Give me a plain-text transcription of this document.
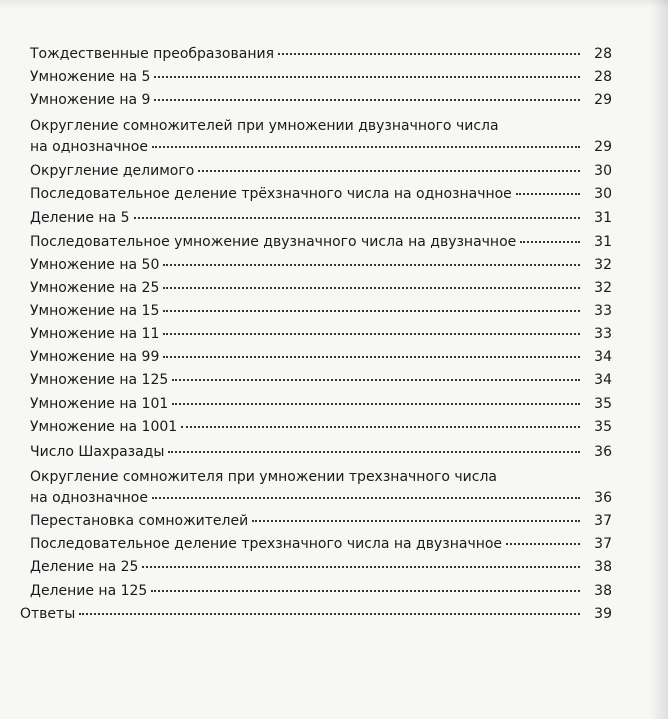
Тождественные преобразования	28
Умножение на 5	28
Умножение на 9	29
Округление сомножителей при умножении двузначного числа
на однозначное	29
Округление делимого	30
Последовательное деление трёхзначного числа на однозначное	30
Деление на 5	31
Последовательное умножение двузначного числа на двузначное	31
Умножение на 50	32
Умножение на 25	32
Умножение на 15	33
Умножение на 11	33
Умножение на 99	34
Умножение на 125	34
Умножение на 101	35
Умножение на 1001	35
Число Шахразады	36
Округление сомножителя при умножении трехзначного числа
на однозначное	36
Перестановка сомножителей	37
Последовательное деление трехзначного числа на двузначное	37
Деление на 25	38
Деление на 125	38
Ответы	39
